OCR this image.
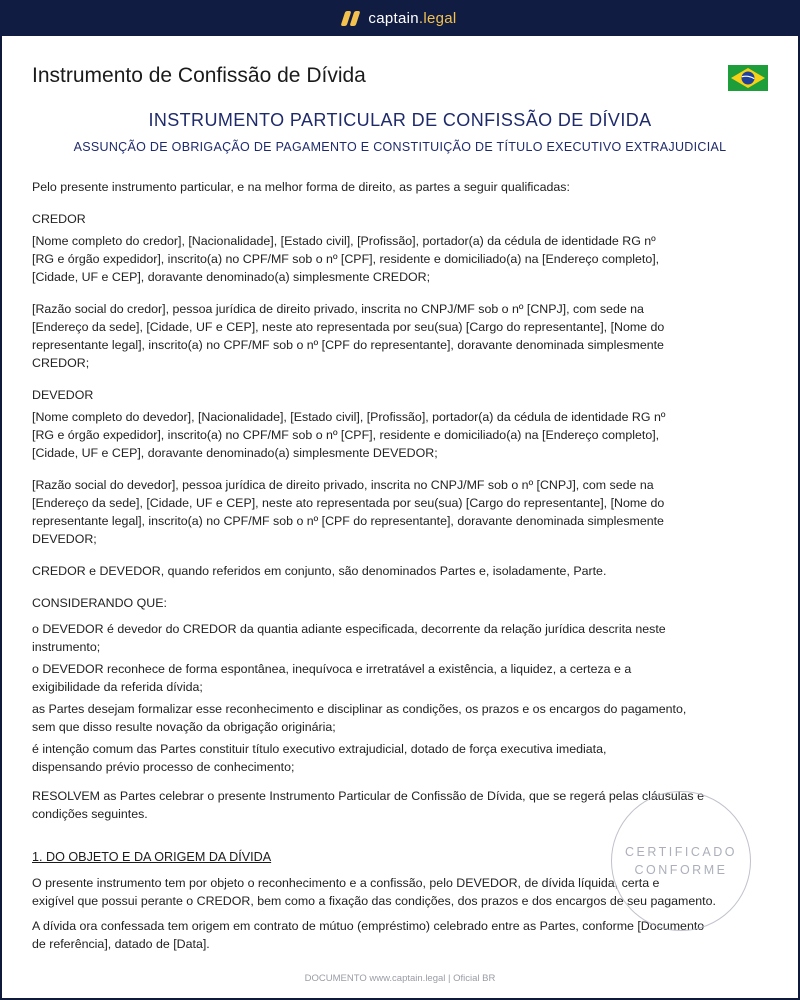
captain.legal
Instrumento de Confissão de Dívida
INSTRUMENTO PARTICULAR DE CONFISSÃO DE DÍVIDA
ASSUNÇÃO DE OBRIGAÇÃO DE PAGAMENTO E CONSTITUIÇÃO DE TÍTULO EXECUTIVO EXTRAJUDICIAL
Pelo presente instrumento particular, e na melhor forma de direito, as partes a seguir qualificadas:
CREDOR

[Nome completo do credor], [Nacionalidade], [Estado civil], [Profissão], portador(a) da cédula de identidade RG nº

[RG e órgão expedidor], inscrito(a) no CPF/MF sob o nº [CPF], residente e domiciliado(a) na [Endereço completo],

[Cidade, UF e CEP], doravante denominado(a) simplesmente CREDOR;

[Razão social do credor], pessoa jurídica de direito privado, inscrita no CNPJ/MF sob o nº [CNPJ], com sede na

[Endereço da sede], [Cidade, UF e CEP], neste ato representada por seu(sua) [Cargo do representante], [Nome do

representante legal], inscrito(a) no CPF/MF sob o nº [CPF do representante], doravante denominada simplesmente

CREDOR;

DEVEDOR

[Nome completo do devedor], [Nacionalidade], [Estado civil], [Profissão], portador(a) da cédula de identidade RG nº

[RG e órgão expedidor], inscrito(a) no CPF/MF sob o nº [CPF], residente e domiciliado(a) na [Endereço completo],

[Cidade, UF e CEP], doravante denominado(a) simplesmente DEVEDOR;

[Razão social do devedor], pessoa jurídica de direito privado, inscrita no CNPJ/MF sob o nº [CNPJ], com sede na

[Endereço da sede], [Cidade, UF e CEP], neste ato representada por seu(sua) [Cargo do representante], [Nome do

representante legal], inscrito(a) no CPF/MF sob o nº [CPF do representante], doravante denominada simplesmente

DEVEDOR;

CREDOR e DEVEDOR, quando referidos em conjunto, são denominados Partes e, isoladamente, Parte.
CONSIDERANDO QUE:

o DEVEDOR é devedor do CREDOR da quantia adiante especificada, decorrente da relação jurídica descrita neste

instrumento;

o DEVEDOR reconhece de forma espontânea, inequívoca e irretratável a existência, a liquidez, a certeza e a

exigibilidade da referida dívida;

as Partes desejam formalizar esse reconhecimento e disciplinar as condições, os prazos e os encargos do pagamento,

sem que disso resulte novação da obrigação originária;

é intenção comum das Partes constituir título executivo extrajudicial, dotado de força executiva imediata,

dispensando prévio processo de conhecimento;

RESOLVEM as Partes celebrar o presente Instrumento Particular de Confissão de Dívida, que se regerá pelas cláusulas e

condições seguintes.

1. DO OBJETO E DA ORIGEM DA DÍVIDA

O presente instrumento tem por objeto o reconhecimento e a confissão, pelo DEVEDOR, de dívida líquida, certa e

exigível que possui perante o CREDOR, bem como a fixação das condições, dos prazos e dos encargos de seu pagamento.

A dívida ora confessada tem origem em contrato de mútuo (empréstimo) celebrado entre as Partes, conforme [Documento

de referência], datado de [Data].

CERTIFICADO
CONFORME
DOCUMENTO www.captain.legal | Oficial BR
